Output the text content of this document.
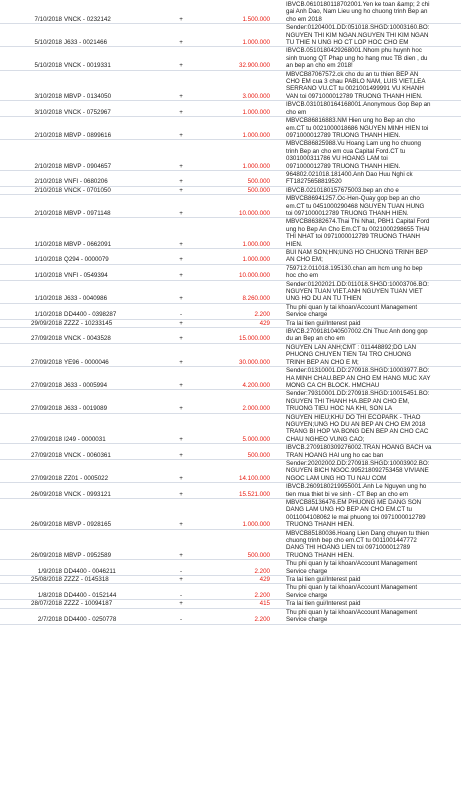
7/10/2018 VNCK - 0232142	+	1.500.000
IBVCB.0610180118702001.Yen ke toan &amp; 2 chi
gai Anh Dao, Nam Lieu ung ho chuong trinh Bep an
cho em 2018
5/10/2018 J633 - 0021466	+	1.000.000
Sender:01204001.DD:051018.SHGD:10003160.BO:
NGUYEN THI KIM NGAN.NGUYEN THI KIM NGAN
TU THIE N UNG HO CT LOP HOC CHO EM
5/10/2018 VNCK - 0019331	+	32.900.000
IBVCB.0510180429268001.Nhom phu huynh hoc
sinh truong QT Phap ung ho hang muc TB dien , du
an bep an cho em 2018!
3/10/2018 MBVP - 0134050	+	3.000.000
MBVCB87067572.ck cho du an tu thien BEP AN
CHO EM cua 3 chau PABLO NAM, LUIS VIET,LEA
SERRANO VU.CT tu 0021001499991 VU KHANH
VAN toi 0971000012789 TRUONG THANH HIEN.
3/10/2018 VNCK - 0752967	+	1.000.000
IBVCB.0310180164168001.Anonymous Gop Bep an
cho em
2/10/2018 MBVP - 0899616	+	1.000.000
MBVCB86816883.NM Hien ung ho Bep an cho
em.CT tu 0021000018686 NGUYEN MINH HIEN toi
0971000012789 TRUONG THANH HIEN.
2/10/2018 MBVP - 0904657	+	1.000.000
MBVCB86825988.Vu Hoang Lam ung ho chuong
trinh Bep an cho em cua Capital Ford.CT tu
0301000311786 VU HOANG LAM toi
0971000012789 TRUONG THANH HIEN.
2/10/2018 VNFI - 0680206	+	500.000
964802.021018.181400.Anh Dao Huu Nghi ck
FT18275658819520
2/10/2018 VNCK - 0701050	+	500.000	IBVCB.0210180157675003.bep an cho e
2/10/2018 MBVP - 0971148	+	10.000.000
MBVCB86941257.Oc-Hen-Quay gop bep an cho
em.CT tu 0451000290468 NGUYEN TUAN HUNG
toi 0971000012789 TRUONG THANH HIEN.
1/10/2018 MBVP - 0662091	+	1.000.000
MBVCB86382674.Thai Thi Nhat, PBH1 Capital Ford
ung ho Bep An Cho Em.CT tu 0021000298655 THAI
THI NHAT toi 0971000012789 TRUONG THANH
HIEN.
1/10/2018 Q294 - 0000079	+	1.000.000
BUI NAM SON;HN;UNG HO CHUONG TRINH BEP
AN CHO EM;
1/10/2018 VNFI - 0549394	+	10.000.000
759712.011018.195130.chan am hcm ung ho bep
hoc cho em
1/10/2018 J633 - 0040986	+	8.260.000
Sender:01202021.DD:011018.SHGD:10003706.BO:
NGUYEN TUAN VIET.ANH NGUYEN TUAN VIET
UNG HO DU AN TU THIEN
1/10/2018 DD4400 - 0398287	-	2.200
Thu phi quan ly tai khoan/Account Management
Service charge
29/09/2018 ZZZZ - 10233145	+	429	Tra lai tien gui/Interest paid
27/09/2018 VNCK - 0043528	+	15.000.000
IBVCB.2709181040507002.Chi Thuc Anh dong gop
du an Bep an cho em
27/09/2018 YE96 - 0000046	+	30.000.000
NGUYEN LAN ANH;CMT : 011448892;DO LAN
PHUONG CHUYEN TIEN TAI TRO CHUONG
TRINH BEP AN CHO E M;
27/09/2018 J633 - 0005994	+	4.200.000
Sender:01310001.DD:270918.SHGD:10003977.BO:
HA MINH CHAU.BEP AN CHO EM HANG MUC XAY
MONG CA CH BLOCK. HMCHAU
27/09/2018 J633 - 0019089	+	2.000.000
Sender:79310001.DD:270918.SHGD:10015451.BO:
NGUYEN THI THANH HA.BEP AN CHO EM,
TRUONG TIEU HOC NA KHI, SON LA
27/09/2018 I249 - 0000031	+	5.000.000
NGUYEN HIEU;KHU DO THI ECOPARK - THAO
NGUYEN;UNG HO DU AN BEP AN CHO EM 2018
TRANG BI HOP VA BONG DEN BEP AN CHO CAC
CHAU NGHEO VUNG CAO;
27/09/2018 VNCK - 0060361	+	500.000
IBVCB.2709180309276002.TRAN HOANG BACH va
TRAN HOANG HAI ung ho cac ban
27/09/2018 ZZ01 - 0005022	+	14.100.000
Sender:20202002.DD:270918.SHGD:10003902.BO:
NGUYEN BICH NGOC.995218092753458 VIVIANE
NGOC LAM UNG HO TU NAU COM
26/09/2018 VNCK - 0993121	+	15.521.000
IBVCB.2609180219955001.Anh Le Nguyen ung ho
tien mua thiet bi ve sinh - CT Bep an cho em
26/09/2018 MBVP - 0928165	+	1.000.000
MBVCB85136476.EM PHUONG ME DANG SON
DANG LAM UNG HO BEP AN CHO EM.CT tu
0011004108062 le mai phuong toi 0971000012789
TRUONG THANH HIEN.
26/09/2018 MBVP - 0952589	+	500.000
MBVCB85180036.Hoang Lien Dang chuyen tu thien
chuong trinh bep cho em.CT tu 0011001447772
DANG THI HOANG LIEN toi 0971000012789
TRUONG THANH HIEN.
1/9/2018 DD4400 - 0046211	-	2.200
Thu phi quan ly tai khoan/Account Management
Service charge
25/08/2018 ZZZZ - 0145318	+	429	Tra lai tien gui/Interest paid
1/8/2018 DD4400 - 0152144	-	2.200
Thu phi quan ly tai khoan/Account Management
Service charge
28/07/2018 ZZZZ - 10094187	+	415	Tra lai tien gui/Interest paid
2/7/2018 DD4400 - 0250778	-	2.200
Thu phi quan ly tai khoan/Account Management
Service charge
